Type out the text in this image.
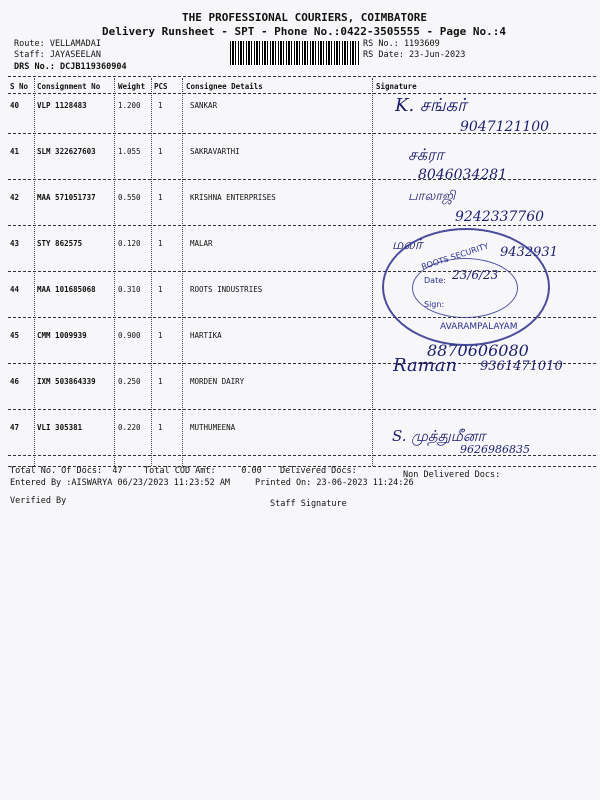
THE PROFESSIONAL COURIERS, COIMBATORE
Delivery Runsheet - SPT - Phone No.:0422-3505555 - Page No.:4
Route: VELLAMADAI
Staff: JAYASEELAN
DRS No.: DCJB119360904
RS No.: 1193609
RS Date: 23-Jun-2023
S No Consignment No Weight PCS Consignee Details	Signature
40 VLP 1128483	1.200 1	SANKAR	K. சங்கர்
9047121100
41 SLM 322627603	1.055 1	SAKRAVARTHI	சக்ரா
8046034281
42 MAA 571051737	0.550 1	KRISHNA ENTERPRISES	பாலாஜி
9242337760
43 STY 862575	0.120 1	MALAR	மலர்	9432931
44 MAA 101685068	0.310 1	ROOTS INDUSTRIES
45 CMM 1009939	0.900 1	HARTIKA
8870606080
46 IXM 503864339	0.250 1	MORDEN DAIRY
Raman 9361471010
47 VLI 305381	0.220 1	MUTHUMEENA	S. முத்துமீனா
9626986835
ROOTS SECURITY
Date: 23/6/23
Sign:
AVARAMPALAYAM
Total No. Of Docs:  47	Total COD Amt:     0.00 Delivered Docs:	Non Delivered Docs:
Entered By :AISWARYA 06/23/2023 11:23:52 AM	Printed On: 23-06-2023 11:24:26
Verified By	Staff Signature
